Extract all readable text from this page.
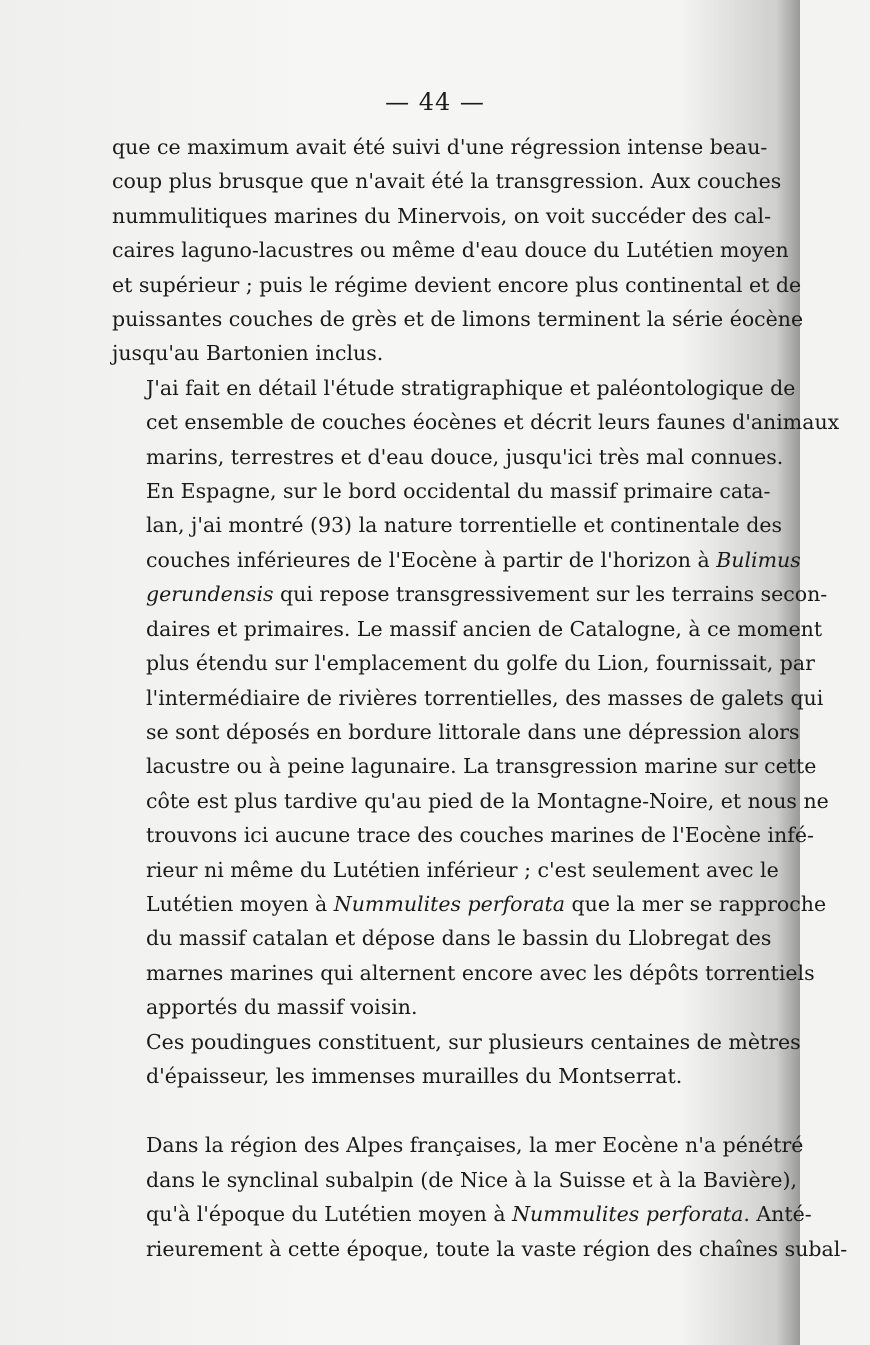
— 44 —

que ce maximum avait été suivi d'une régression intense beau-
coup plus brusque que n'avait été la transgression. Aux couches
nummulitiques marines du Minervois, on voit succéder des cal-
caires laguno-lacustres ou même d'eau douce du Lutétien moyen
et supérieur ; puis le régime devient encore plus continental et de
puissantes couches de grès et de limons terminent la série éocène
jusqu'au Bartonien inclus.

J'ai fait en détail l'étude stratigraphique et paléontologique de
cet ensemble de couches éocènes et décrit leurs faunes d'animaux
marins, terrestres et d'eau douce, jusqu'ici très mal connues.

En Espagne, sur le bord occidental du massif primaire cata-
lan, j'ai montré (93) la nature torrentielle et continentale des
couches inférieures de l'Eocène à partir de l'horizon à Bulimus
gerundensis qui repose transgressivement sur les terrains secon-
daires et primaires. Le massif ancien de Catalogne, à ce moment
plus étendu sur l'emplacement du golfe du Lion, fournissait, par
l'intermédiaire de rivières torrentielles, des masses de galets qui
se sont déposés en bordure littorale dans une dépression alors
lacustre ou à peine lagunaire. La transgression marine sur cette
côte est plus tardive qu'au pied de la Montagne-Noire, et nous ne
trouvons ici aucune trace des couches marines de l'Eocène infé-
rieur ni même du Lutétien inférieur ; c'est seulement avec le
Lutétien moyen à Nummulites perforata que la mer se rapproche
du massif catalan et dépose dans le bassin du Llobregat des
marnes marines qui alternent encore avec les dépôts torrentiels
apportés du massif voisin.

Ces poudingues constituent, sur plusieurs centaines de mètres
d'épaisseur, les immenses murailles du Montserrat.

Dans la région des Alpes françaises, la mer Eocène n'a pénétré
dans le synclinal subalpin (de Nice à la Suisse et à la Bavière),
qu'à l'époque du Lutétien moyen à Nummulites perforata. Anté-
rieurement à cette époque, toute la vaste région des chaînes subal-
